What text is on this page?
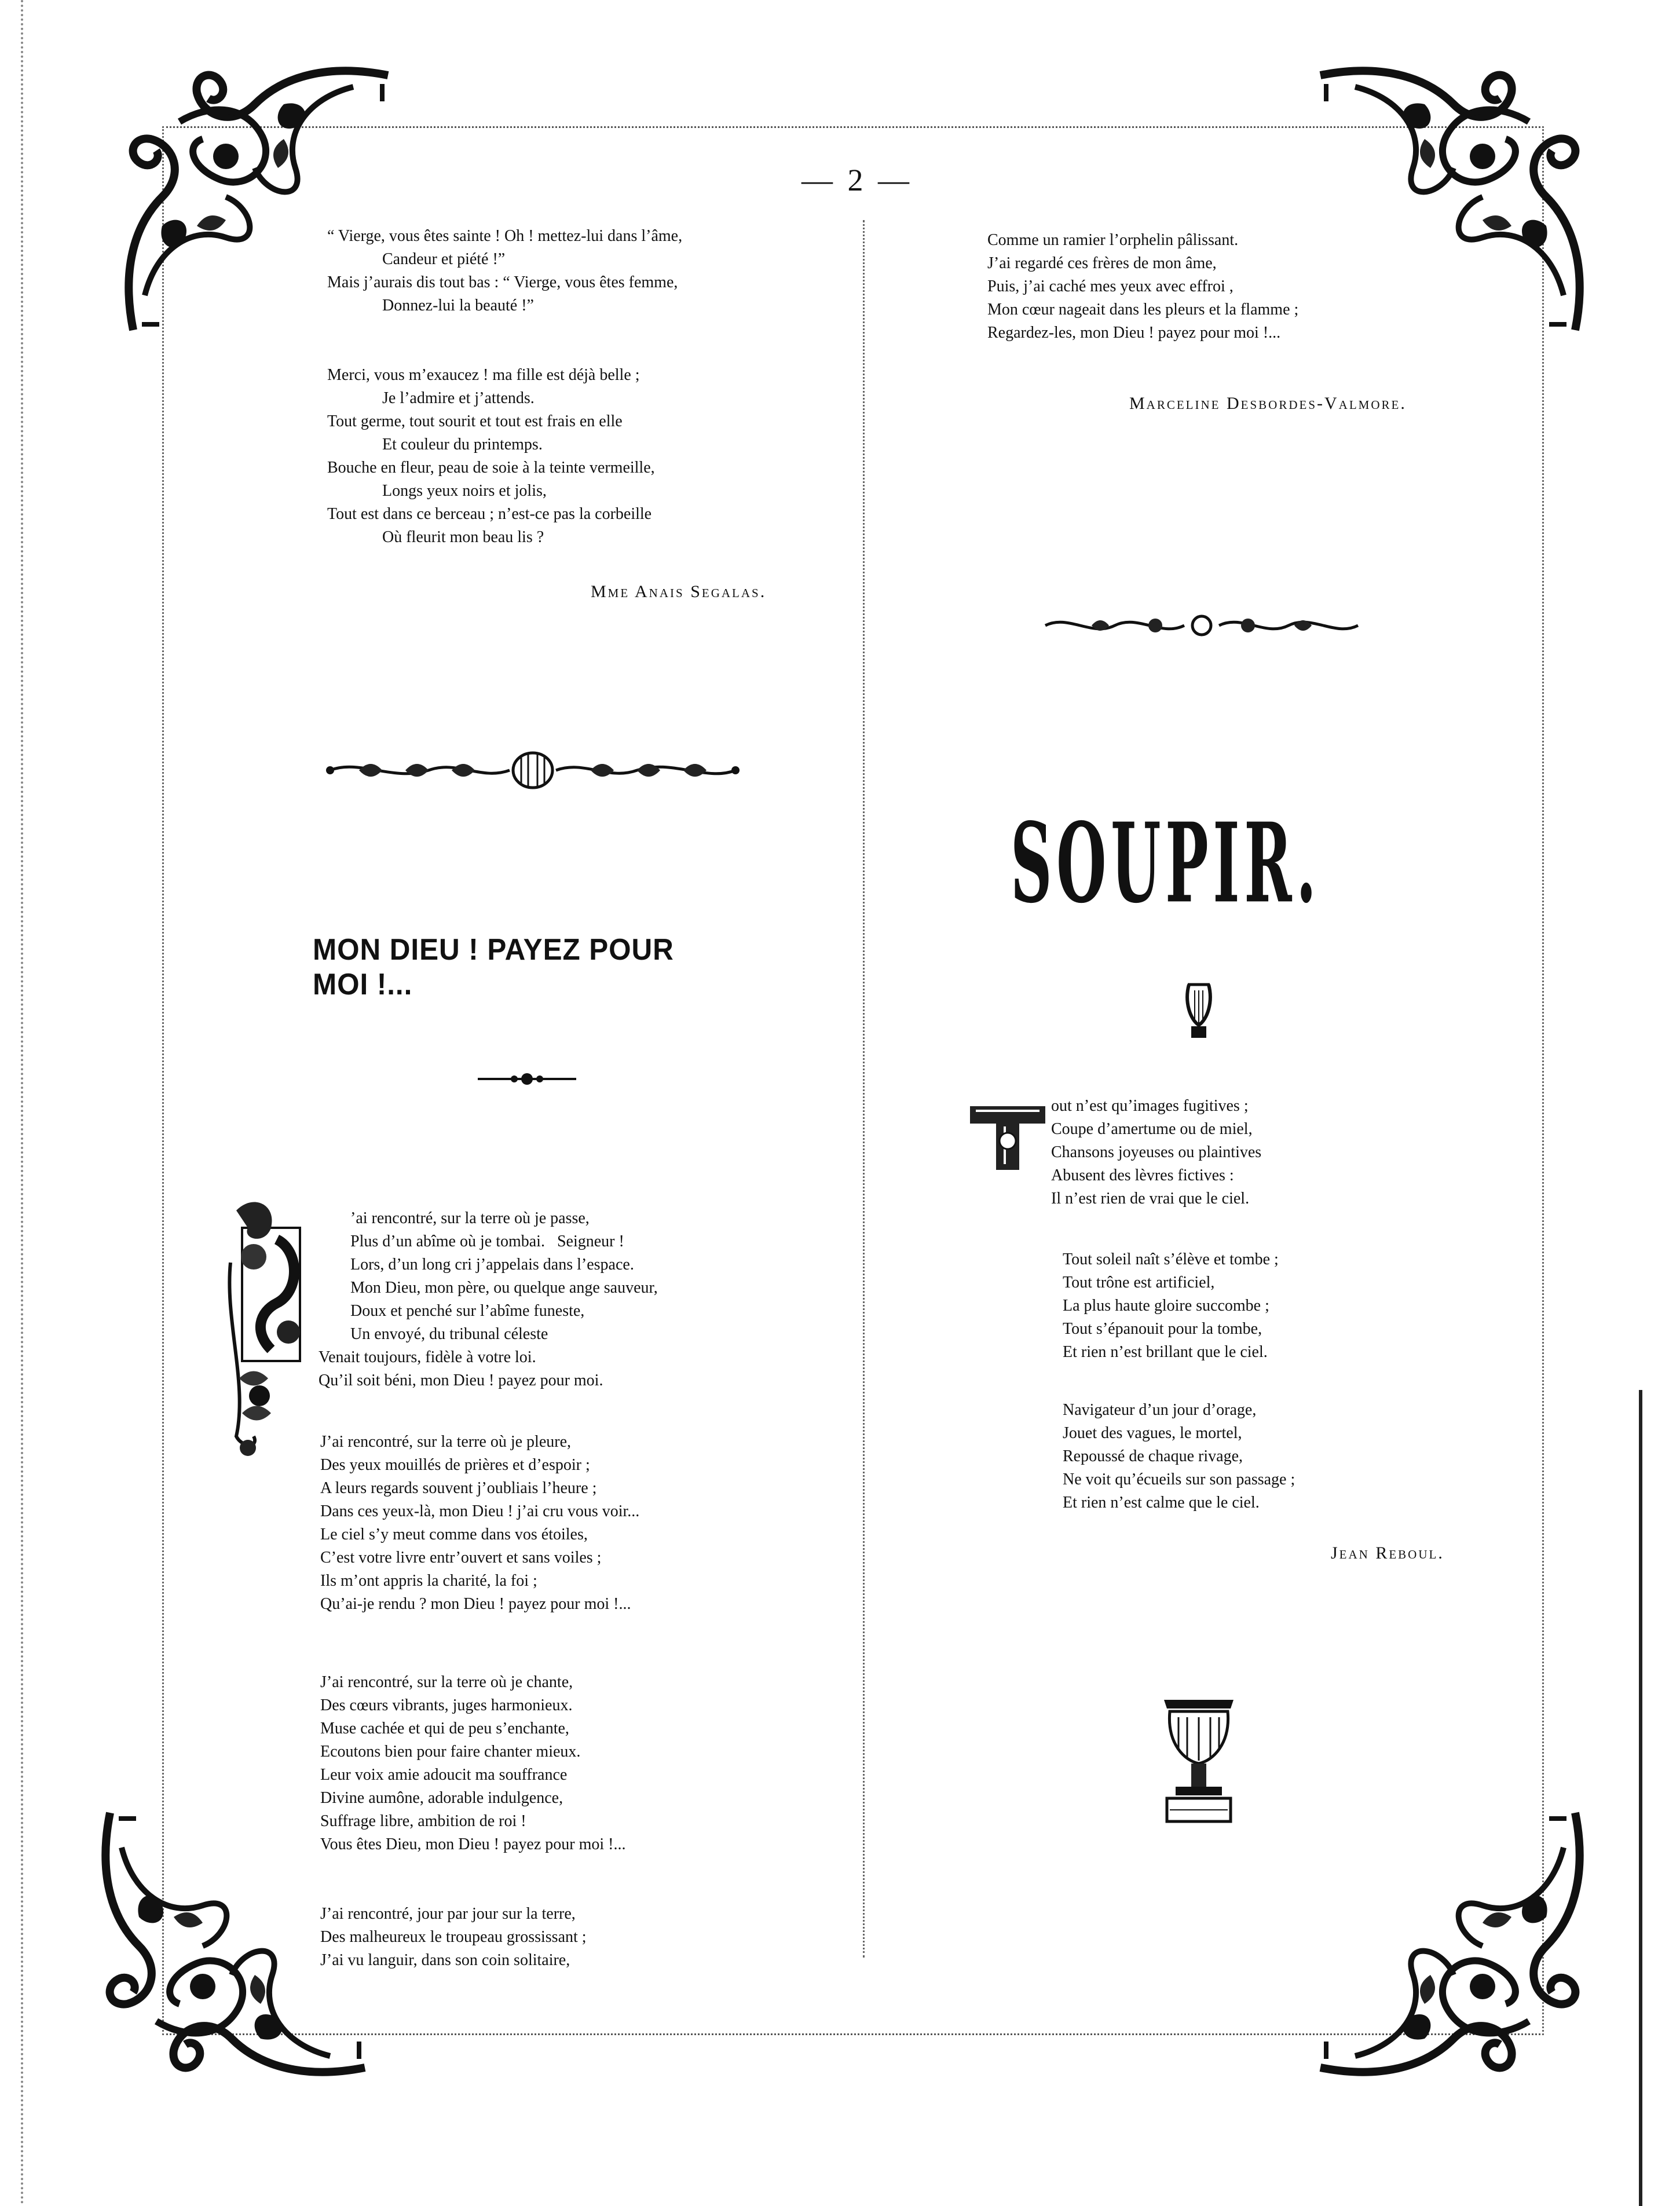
— 2 —
“ Vierge, vous êtes sainte ! Oh ! mettez-lui dans l’âme,
Candeur et piété !”
Mais j’aurais dis tout bas : “ Vierge, vous êtes femme,
Donnez-lui la beauté !”

Merci, vous m’exaucez ! ma fille est déjà belle ;
Je l’admire et j’attends.
Tout germe, tout sourit et tout est frais en elle
Et couleur du printemps.
Bouche en fleur, peau de soie à la teinte vermeille,
Longs yeux noirs et jolis,
Tout est dans ce berceau ; n’est-ce pas la corbeille
Où fleurit mon beau lis ?
Mme Anais Segalas.
MON DIEU ! PAYEZ POUR MOI !...
’ai rencontré, sur la terre où je passe,
Plus d’un abîme où je tombai.   Seigneur !
Lors, d’un long cri j’appelais dans l’espace.
Mon Dieu, mon père, ou quelque ange sauveur,
Doux et penché sur l’abîme funeste,
Un envoyé, du tribunal céleste
Venait toujours, fidèle à votre loi.
Qu’il soit béni, mon Dieu ! payez pour moi.
J’ai rencontré, sur la terre où je pleure,
Des yeux mouillés de prières et d’espoir ;
A leurs regards souvent j’oubliais l’heure ;
Dans ces yeux-là, mon Dieu ! j’ai cru vous voir...
Le ciel s’y meut comme dans vos étoiles,
C’est votre livre entr’ouvert et sans voiles ;
Ils m’ont appris la charité, la foi ;
Qu’ai-je rendu ? mon Dieu ! payez pour moi !...
J’ai rencontré, sur la terre où je chante,
Des cœurs vibrants, juges harmonieux.
Muse cachée et qui de peu s’enchante,
Ecoutons bien pour faire chanter mieux.
Leur voix amie adoucit ma souffrance
Divine aumône, adorable indulgence,
Suffrage libre, ambition de roi !
Vous êtes Dieu, mon Dieu ! payez pour moi !...
J’ai rencontré, jour par jour sur la terre,
Des malheureux le troupeau grossissant ;
J’ai vu languir, dans son coin solitaire,
Comme un ramier l’orphelin pâlissant.
J’ai regardé ces frères de mon âme,
Puis, j’ai caché mes yeux avec effroi ,
Mon cœur nageait dans les pleurs et la flamme ;
Regardez-les, mon Dieu ! payez pour moi !...
Marceline Desbordes-Valmore.
SOUPIR.
out n’est qu’images fugitives ;
Coupe d’amertume ou de miel,
Chansons joyeuses ou plaintives
Abusent des lèvres fictives :
Il n’est rien de vrai que le ciel.
Tout soleil naît s’élève et tombe ;
Tout trône est artificiel,
La plus haute gloire succombe ;
Tout s’épanouit pour la tombe,
Et rien n’est brillant que le ciel.
Navigateur d’un jour d’orage,
Jouet des vagues, le mortel,
Repoussé de chaque rivage,
Ne voit qu’écueils sur son passage ;
Et rien n’est calme que le ciel.
Jean Reboul.
